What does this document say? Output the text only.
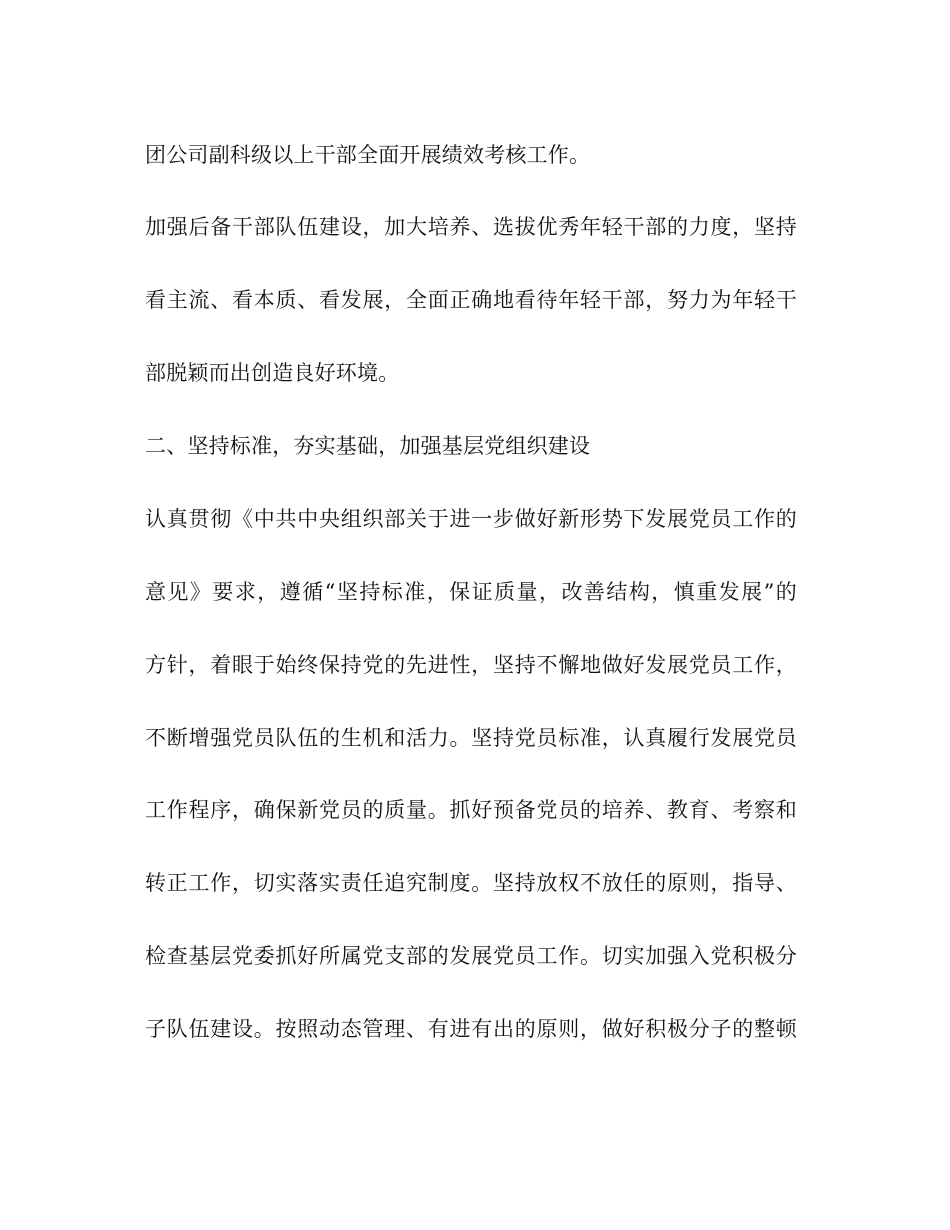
团公司副科级以上干部全面开展绩效考核工作。

加强后备干部队伍建设，加大培养、选拔优秀年轻干部的力度，坚持

看主流、看本质、看发展，全面正确地看待年轻干部，努力为年轻干

部脱颖而出创造良好环境。

二、坚持标准，夯实基础，加强基层党组织建设

认真贯彻《中共中央组织部关于进一步做好新形势下发展党员工作的

意见》要求，遵循“坚持标准，保证质量，改善结构，慎重发展”的

方针，着眼于始终保持党的先进性，坚持不懈地做好发展党员工作，

不断增强党员队伍的生机和活力。坚持党员标准，认真履行发展党员

工作程序，确保新党员的质量。抓好预备党员的培养、教育、考察和

转正工作，切实落实责任追究制度。坚持放权不放任的原则，指导、

检查基层党委抓好所属党支部的发展党员工作。切实加强入党积极分

子队伍建设。按照动态管理、有进有出的原则，做好积极分子的整顿
